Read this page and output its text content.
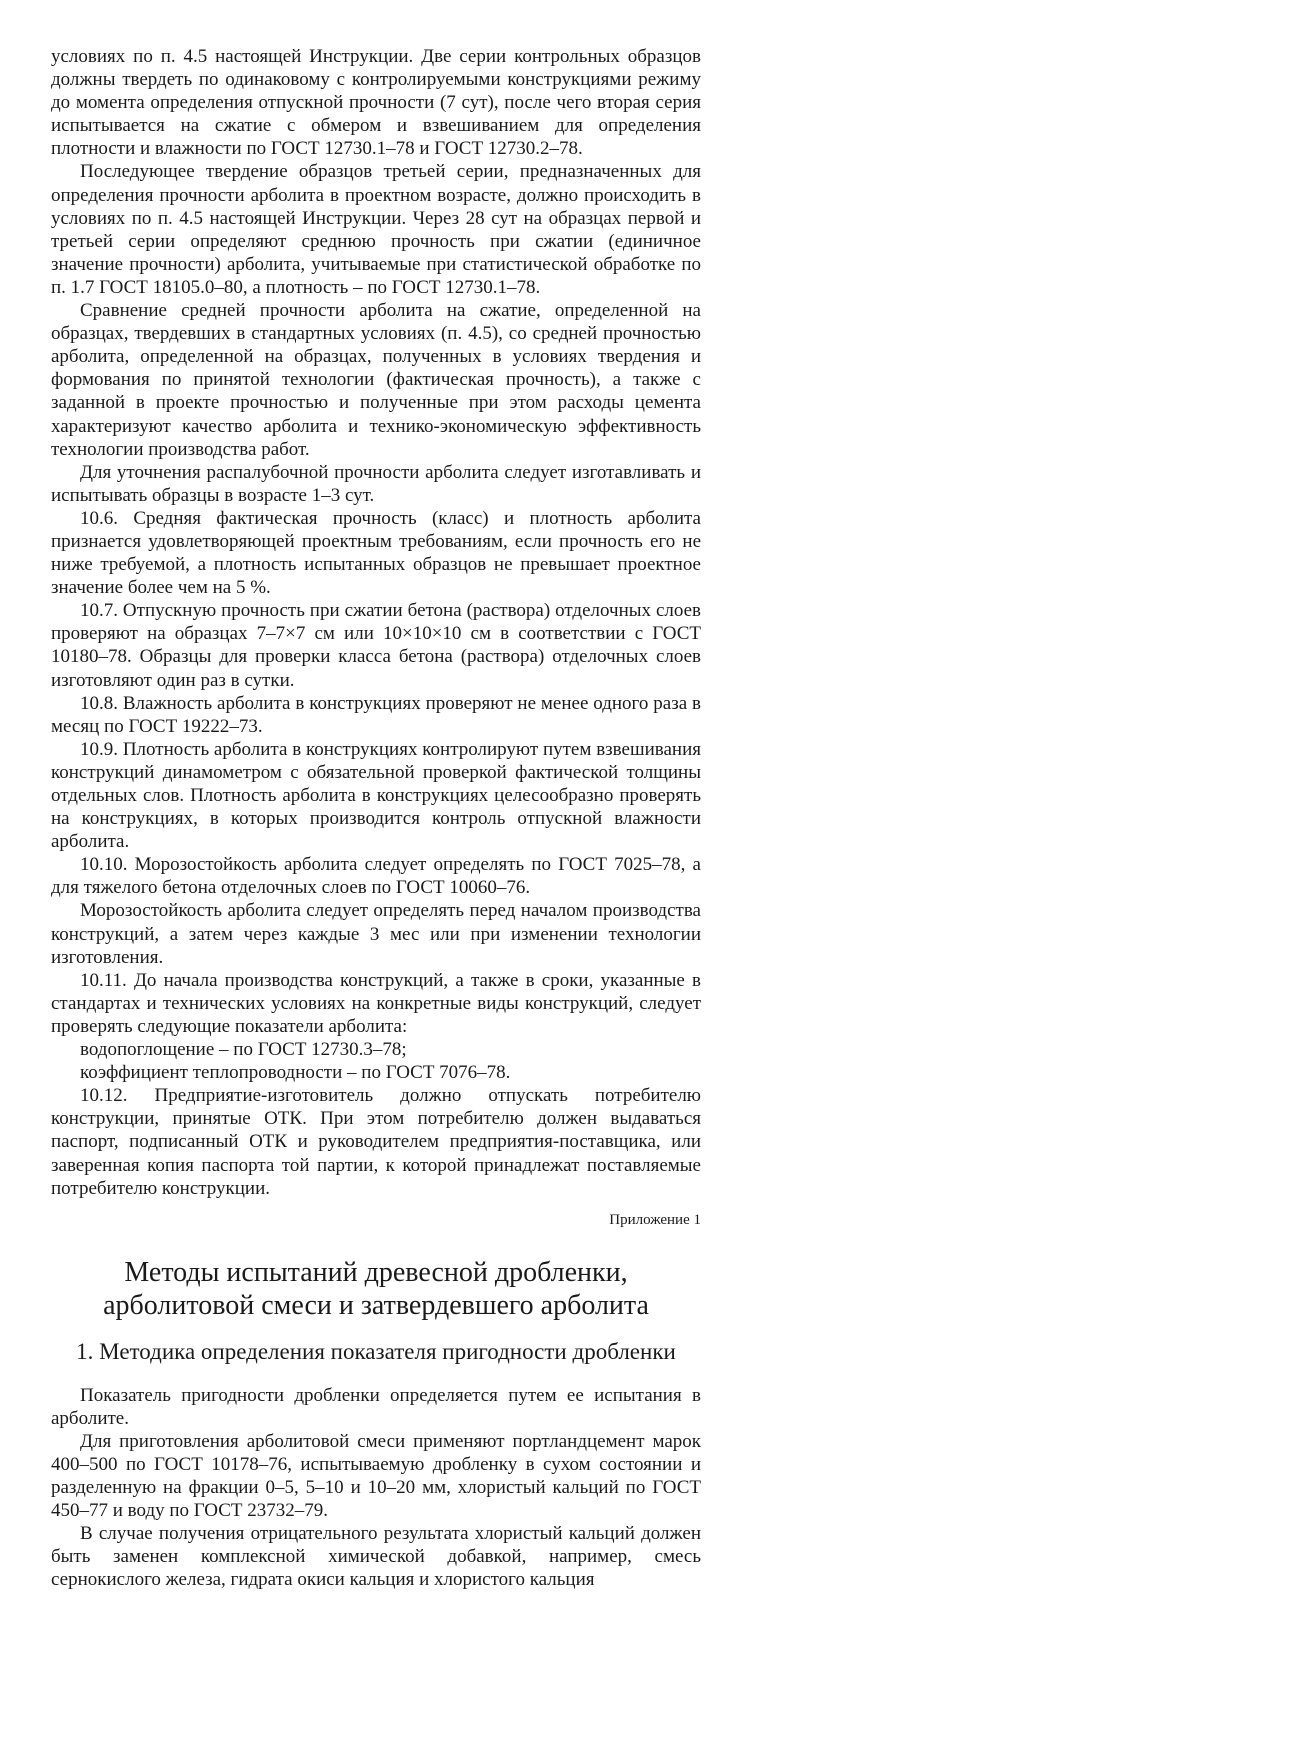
условиях по п. 4.5 настоящей Инструкции. Две серии контрольных образцов должны твердеть по одинаковому с контролируемыми конструкциями режиму до момента определения отпускной прочности (7 сут), после чего вторая серия испытывается на сжатие с обмером и взвешиванием для определения плотности и влажности по ГОСТ 12730.1–78 и ГОСТ 12730.2–78.

Последующее твердение образцов третьей серии, предназначенных для определения прочности арболита в проектном возрасте, должно происходить в условиях по п. 4.5 настоящей Инструкции. Через 28 сут на образцах первой и третьей серии определяют среднюю прочность при сжатии (единичное значение прочности) арболита, учитываемые при статистической обработке по п. 1.7 ГОСТ 18105.0–80, а плотность – по ГОСТ 12730.1–78.

Сравнение средней прочности арболита на сжатие, определенной на образцах, твердевших в стандартных условиях (п. 4.5), со средней прочностью арболита, определенной на образцах, полученных в условиях твердения и формования по принятой технологии (фактическая прочность), а также с заданной в проекте прочностью и полученные при этом расходы цемента характеризуют качество арболита и технико-экономическую эффективность технологии производства работ.

Для уточнения распалубочной прочности арболита следует изготавливать и испытывать образцы в возрасте 1–3 сут.

10.6. Средняя фактическая прочность (класс) и плотность арболита признается удовлетворяющей проектным требованиям, если прочность его не ниже требуемой, а плотность испытанных образцов не превышает проектное значение более чем на 5 %.

10.7. Отпускную прочность при сжатии бетона (раствора) отделочных слоев проверяют на образцах 7–7×7 см или 10×10×10 см в соответствии с ГОСТ 10180–78. Образцы для проверки класса бетона (раствора) отделочных слоев изготовляют один раз в сутки.

10.8. Влажность арболита в конструкциях проверяют не менее одного раза в месяц по ГОСТ 19222–73.

10.9. Плотность арболита в конструкциях контролируют путем взвешивания конструкций динамометром с обязательной проверкой фактической толщины отдельных слов. Плотность арболита в конструкциях целесообразно проверять на конструкциях, в которых производится контроль отпускной влажности арболита.

10.10. Морозостойкость арболита следует определять по ГОСТ 7025–78, а для тяжелого бетона отделочных слоев по ГОСТ 10060–76.

Морозостойкость арболита следует определять перед началом производства конструкций, а затем через каждые 3 мес или при изменении технологии изготовления.

10.11. До начала производства конструкций, а также в сроки, указанные в стандартах и технических условиях на конкретные виды конструкций, следует проверять следующие показатели арболита:

водопоглощение – по ГОСТ 12730.3–78;

коэффициент теплопроводности – по ГОСТ 7076–78.

10.12. Предприятие-изготовитель должно отпускать потребителю конструкции, принятые ОТК. При этом потребителю должен выдаваться паспорт, подписанный ОТК и руководителем предприятия-поставщика, или заверенная копия паспорта той партии, к которой принадлежат поставляемые потребителю конструкции.

Приложение 1
Методы испытаний древесной дробленки,
арболитовой смеси и затвердевшего арболита
1. Методика определения показателя пригодности дробленки

Показатель пригодности дробленки определяется путем ее испытания в арболите.

Для приготовления арболитовой смеси применяют портландцемент марок 400–500 по ГОСТ 10178–76, испытываемую дробленку в сухом состоянии и разделенную на фракции 0–5, 5–10 и 10–20 мм, хлористый кальций по ГОСТ 450–77 и воду по ГОСТ 23732–79.

В случае получения отрицательного результата хлористый кальций должен быть заменен комплексной химической добавкой, например, смесь сернокислого железа, гидрата окиси кальция и хлористого кальция
